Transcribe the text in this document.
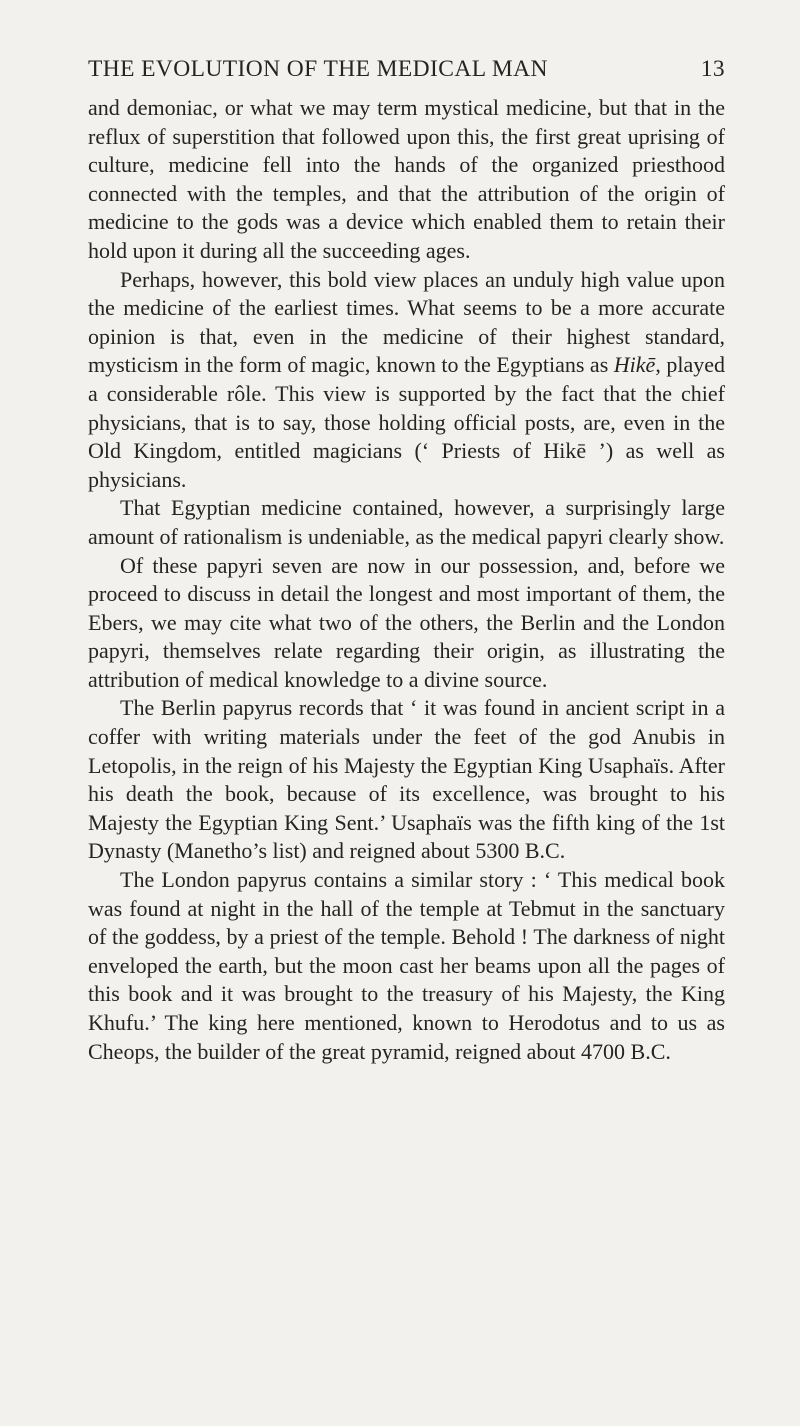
THE EVOLUTION OF THE MEDICAL MAN	13

and demoniac, or what we may term mystical medicine, but that in the reflux of superstition that followed upon this, the first great uprising of culture, medicine fell into the hands of the organized priesthood connected with the temples, and that the attribution of the origin of medicine to the gods was a device which enabled them to retain their hold upon it during all the succeeding ages.

Perhaps, however, this bold view places an unduly high value upon the medicine of the earliest times. What seems to be a more accurate opinion is that, even in the medicine of their highest standard, mysticism in the form of magic, known to the Egyptians as Hikē, played a considerable rôle. This view is supported by the fact that the chief physicians, that is to say, those holding official posts, are, even in the Old Kingdom, entitled magicians (‘ Priests of Hikē ’) as well as physicians.

That Egyptian medicine contained, however, a surprisingly large amount of rationalism is undeniable, as the medical papyri clearly show.

Of these papyri seven are now in our possession, and, before we proceed to discuss in detail the longest and most important of them, the Ebers, we may cite what two of the others, the Berlin and the London papyri, themselves relate regarding their origin, as illustrating the attribution of medical knowledge to a divine source.

The Berlin papyrus records that ‘ it was found in ancient script in a coffer with writing materials under the feet of the god Anubis in Letopolis, in the reign of his Majesty the Egyptian King Usaphaïs. After his death the book, because of its excellence, was brought to his Majesty the Egyptian King Sent.’ Usaphaïs was the fifth king of the 1st Dynasty (Manetho’s list) and reigned about 5300 B.C.

The London papyrus contains a similar story : ‘ This medical book was found at night in the hall of the temple at Tebmut in the sanctuary of the goddess, by a priest of the temple. Behold ! The darkness of night enveloped the earth, but the moon cast her beams upon all the pages of this book and it was brought to the treasury of his Majesty, the King Khufu.’ The king here mentioned, known to Herodotus and to us as Cheops, the builder of the great pyramid, reigned about 4700 B.C.
